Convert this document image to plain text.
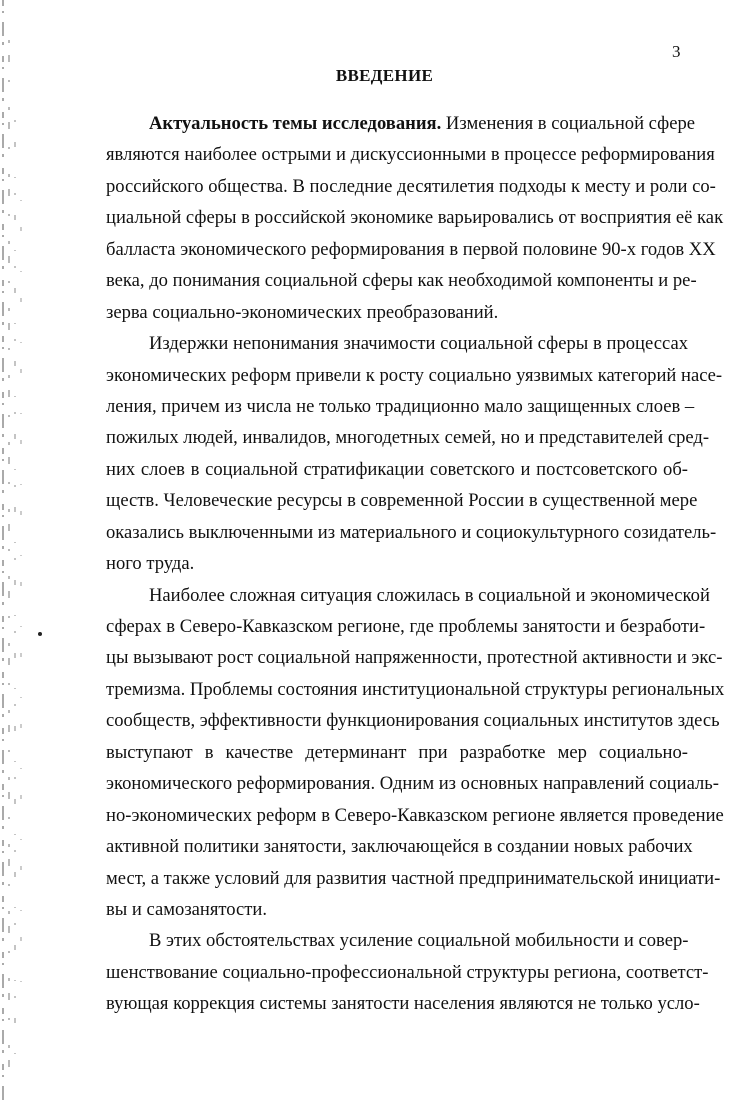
3
ВВЕДЕНИЕ
Актуальность темы исследования. Изменения в социальной сфере
являются наиболее острыми и дискуссионными в процессе реформирования
российского общества. В последние десятилетия подходы к месту и роли со-
циальной сферы в российской экономике варьировались от восприятия её как
балласта экономического реформирования в первой половине 90-х годов XX
века, до понимания социальной сферы как необходимой компоненты и ре-
зерва социально-экономических преобразований.
Издержки непонимания значимости социальной сферы в процессах
экономических реформ привели к росту социально уязвимых категорий насе-
ления, причем из числа не только традиционно мало защищенных слоев –
пожилых людей, инвалидов, многодетных семей, но и представителей сред-
них слоев в социальной стратификации советского и постсоветского об-
ществ. Человеческие ресурсы в современной России в существенной мере
оказались выключенными из материального и социокультурного созидатель-
ного труда.
Наиболее сложная ситуация сложилась в социальной и экономической
сферах в Северо-Кавказском регионе, где проблемы занятости и безработи-
цы вызывают рост социальной напряженности, протестной активности и экс-
тремизма. Проблемы состояния институциональной структуры региональных
сообществ, эффективности функционирования социальных институтов здесь
выступают в качестве детерминант при разработке мер социально-
экономического реформирования. Одним из основных направлений социаль-
но-экономических реформ в Северо-Кавказском регионе является проведение
активной политики занятости, заключающейся в создании новых рабочих
мест, а также условий для развития частной предпринимательской инициати-
вы и самозанятости.
В этих обстоятельствах усиление социальной мобильности и совер-
шенствование социально-профессиональной структуры региона, соответст-
вующая коррекция системы занятости населения являются не только усло-
